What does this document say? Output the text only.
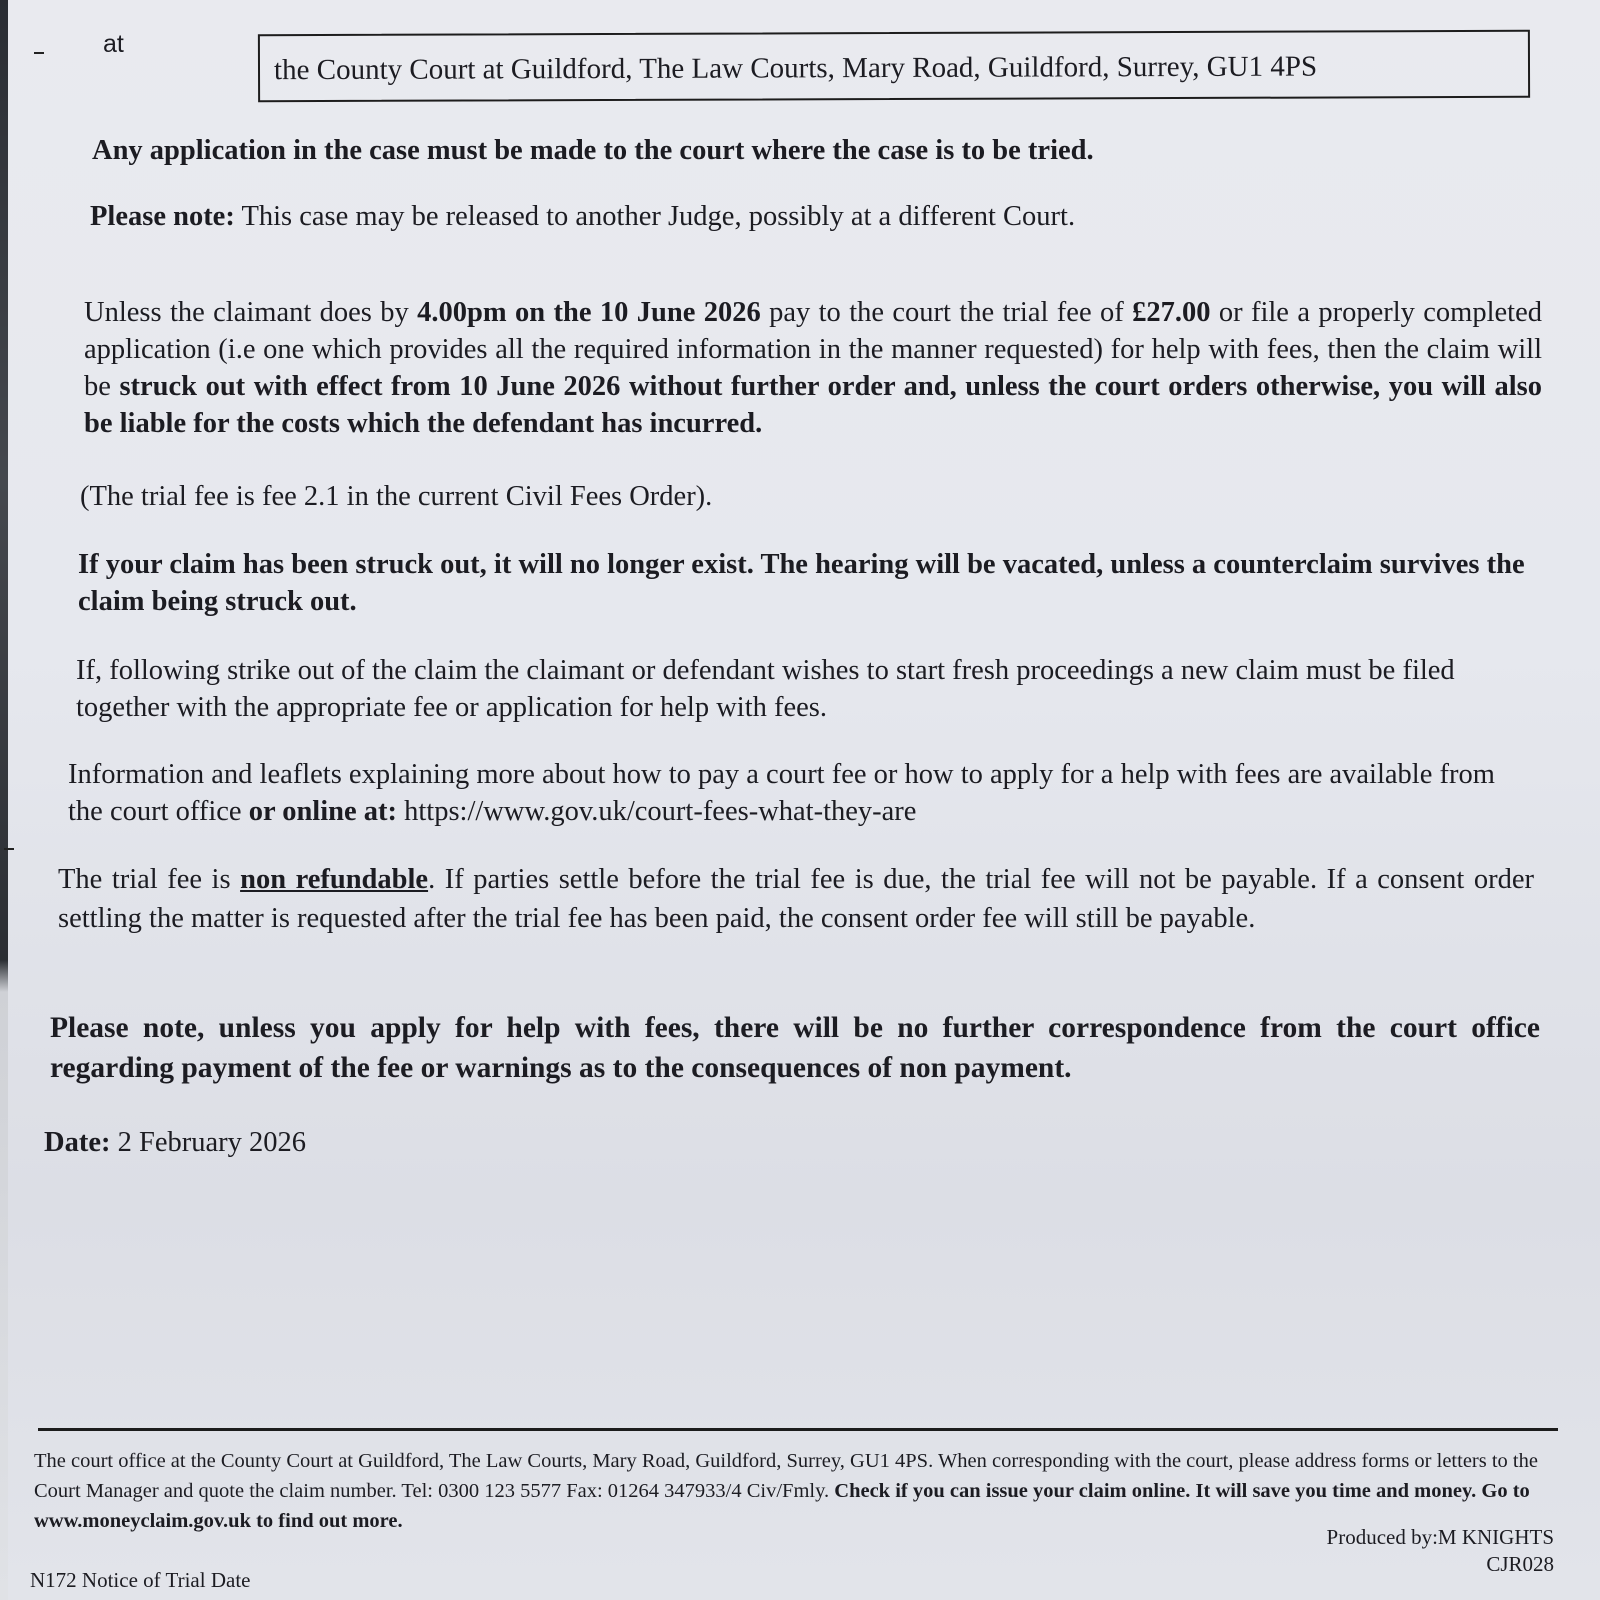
at
the County Court at Guildford, The Law Courts, Mary Road, Guildford, Surrey, GU1 4PS

Any application in the case must be made to the court where the case is to be tried.

Please note: This case may be released to another Judge, possibly at a different Court.

Unless the claimant does by 4.00pm on the 10 June 2026 pay to the court the trial fee of £27.00 or file a properly completed application (i.e one which provides all the required information in the manner requested) for help with fees, then the claim will be struck out with effect from 10 June 2026 without further order and, unless the court orders otherwise, you will also be liable for the costs which the defendant has incurred.

(The trial fee is fee 2.1 in the current Civil Fees Order).

If your claim has been struck out, it will no longer exist. The hearing will be vacated, unless a counterclaim survives the claim being struck out.

If, following strike out of the claim the claimant or defendant wishes to start fresh proceedings a new claim must be filed together with the appropriate fee or application for help with fees.

Information and leaflets explaining more about how to pay a court fee or how to apply for a help with fees are available from the court office or online at: https://www.gov.uk/court-fees-what-they-are

The trial fee is non refundable. If parties settle before the trial fee is due, the trial fee will not be payable. If a consent order settling the matter is requested after the trial fee has been paid, the consent order fee will still be payable.

Please note, unless you apply for help with fees, there will be no further correspondence from the court office regarding payment of the fee or warnings as to the consequences of non payment.

Date: 2 February 2026

The court office at the County Court at Guildford, The Law Courts, Mary Road, Guildford, Surrey, GU1 4PS. When corresponding with the court, please address forms or letters to the Court Manager and quote the claim number. Tel: 0300 123 5577 Fax: 01264 347933/4 Civ/Fmly. Check if you can issue your claim online. It will save you time and money. Go to www.moneyclaim.gov.uk to find out more.

Produced by:M KNIGHTS
CJR028

N172 Notice of Trial Date
